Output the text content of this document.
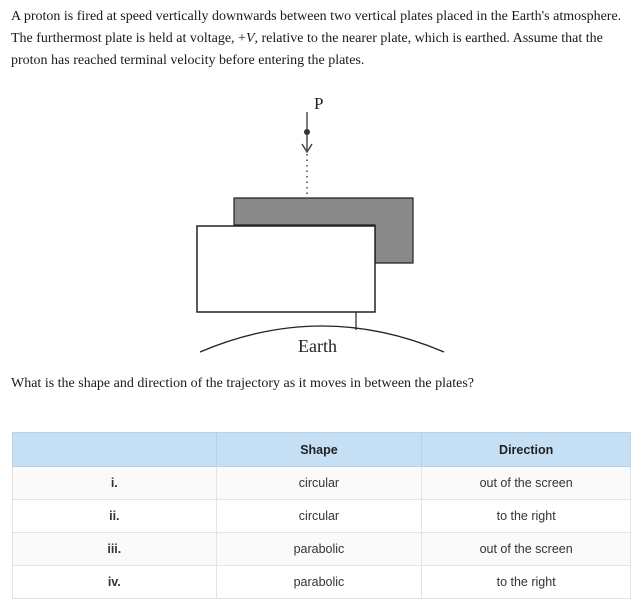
A proton is fired at speed vertically downwards between two vertical plates placed in the Earth's atmosphere. The furthermost plate is held at voltage, +V, relative to the nearer plate, which is earthed. Assume that the proton has reached terminal velocity before entering the plates.

P
Earth

What is the shape and direction of the trajectory as it moves in between the plates?

	Shape	Direction
i.	circular	out of the screen
ii.	circular	to the right
iii.	parabolic	out of the screen
iv.	parabolic	to the right
